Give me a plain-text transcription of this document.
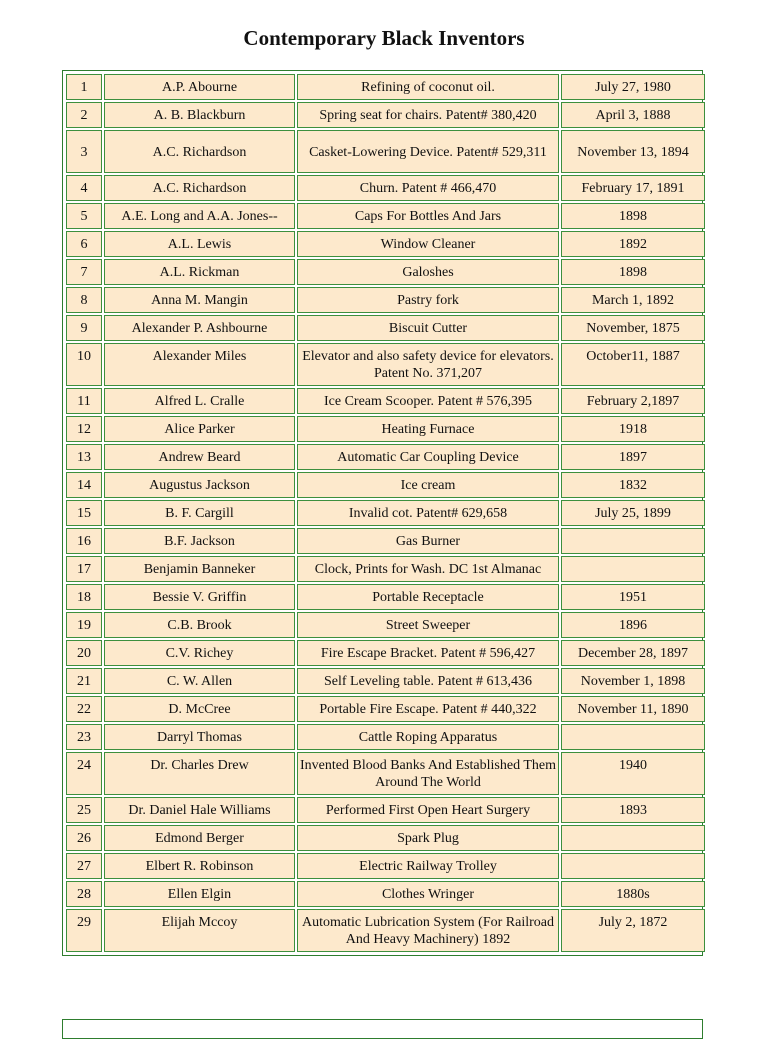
Contemporary Black Inventors
1	A.P. Abourne	Refining of coconut oil.	July 27, 1980
2	A. B. Blackburn	Spring seat for chairs. Patent# 380,420	April 3, 1888
3	A.C. Richardson	Casket-Lowering Device. Patent# 529,311	November 13, 1894
4	A.C. Richardson	Churn. Patent # 466,470	February 17, 1891
5	A.E. Long and A.A. Jones--	Caps For Bottles And Jars	1898
6	A.L. Lewis	Window Cleaner	1892
7	A.L. Rickman	Galoshes	1898
8	Anna M. Mangin	Pastry fork	March 1, 1892
9	Alexander P. Ashbourne	Biscuit Cutter	November, 1875
10	Alexander Miles	Elevator and also safety device for elevators. Patent No. 371,207	October11, 1887
11	Alfred L. Cralle	Ice Cream Scooper. Patent # 576,395	February 2,1897
12	Alice Parker	Heating Furnace	1918
13	Andrew Beard	Automatic Car Coupling Device	1897
14	Augustus Jackson	Ice cream	1832
15	B. F. Cargill	Invalid cot. Patent# 629,658	July 25, 1899
16	B.F. Jackson	Gas Burner	
17	Benjamin Banneker	Clock, Prints for Wash. DC 1st Almanac	
18	Bessie V. Griffin	Portable Receptacle	1951
19	C.B. Brook	Street Sweeper	1896
20	C.V. Richey	Fire Escape Bracket. Patent # 596,427	December 28, 1897
21	C. W. Allen	Self Leveling table. Patent # 613,436	November 1, 1898
22	D. McCree	Portable Fire Escape. Patent # 440,322	November 11, 1890
23	Darryl Thomas	Cattle Roping Apparatus	
24	Dr. Charles Drew	Invented Blood Banks And Established Them Around The World	1940
25	Dr. Daniel Hale Williams	Performed First Open Heart Surgery	1893
26	Edmond Berger	Spark Plug	
27	Elbert R. Robinson	Electric Railway Trolley	
28	Ellen Elgin	Clothes Wringer	1880s
29	Elijah Mccoy	Automatic Lubrication System (For Railroad And Heavy Machinery) 1892	July 2, 1872
